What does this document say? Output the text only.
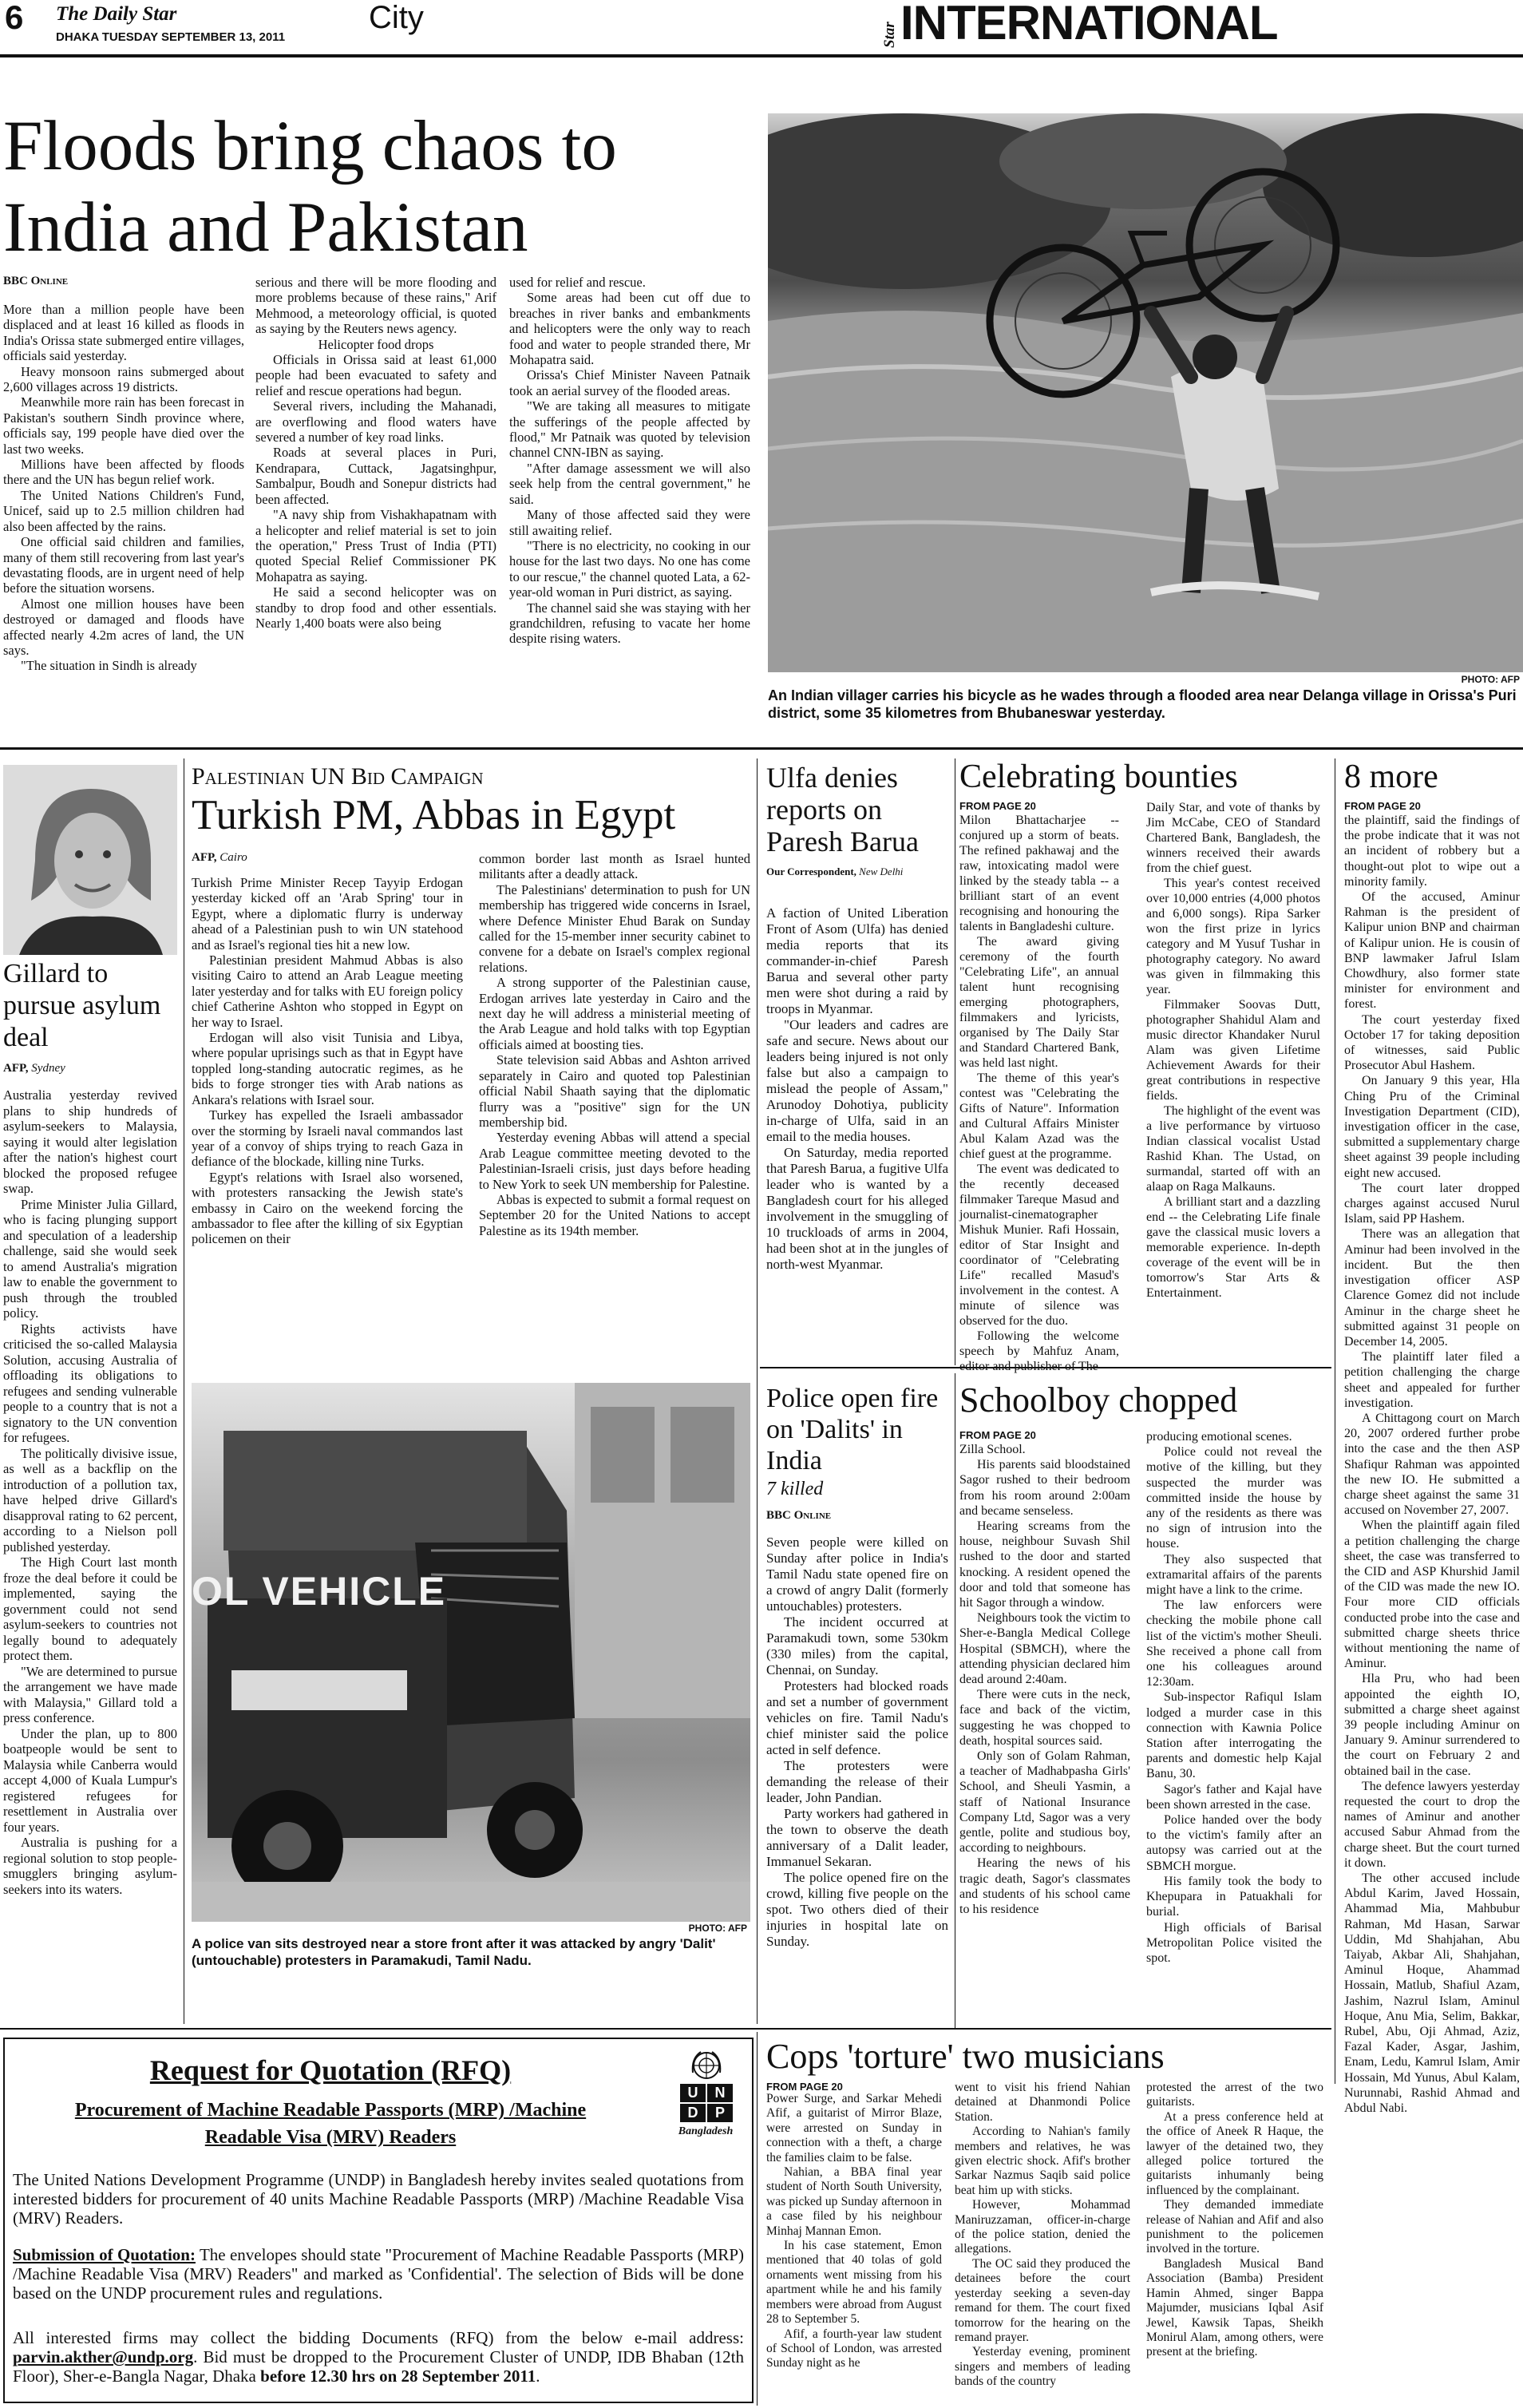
6 The Daily Star
DHAKA TUESDAY SEPTEMBER 13, 2011
City	Star INTERNATIONAL
Floods bring chaos to
India and Pakistan
BBC Online

More than a million people have been displaced and at least 16 killed as floods in India's Orissa state submerged entire villages, officials said yesterday.

Heavy monsoon rains submerged about 2,600 villages across 19 districts.

Meanwhile more rain has been forecast in Pakistan's southern Sindh province where, officials say, 199 people have died over the last two weeks.

Millions have been affected by floods there and the UN has begun relief work.

The United Nations Children's Fund, Unicef, said up to 2.5 million children had also been affected by the rains.

One official said children and families, many of them still recovering from last year's devastating floods, are in urgent need of help before the situation worsens.

Almost one million houses have been destroyed or damaged and floods have affected nearly 4.2m acres of land, the UN says.

"The situation in Sindh is already

serious and there will be more flooding and more problems because of these rains," Arif Mehmood, a meteorology official, is quoted as saying by the Reuters news agency.

Helicopter food drops

Officials in Orissa said at least 61,000 people had been evacuated to safety and relief and rescue operations had begun.

Several rivers, including the Mahanadi, are overflowing and flood waters have severed a number of key road links.

Roads at several places in Puri, Kendrapara, Cuttack, Jagatsinghpur, Sambalpur, Boudh and Sonepur districts had been affected.

"A navy ship from Vishakhapatnam with a helicopter and relief material is set to join the operation," Press Trust of India (PTI) quoted Special Relief Commissioner PK Mohapatra as saying.

He said a second helicopter was on standby to drop food and other essentials. Nearly 1,400 boats were also being

used for relief and rescue.

Some areas had been cut off due to breaches in river banks and embankments and helicopters were the only way to reach food and water to people stranded there, Mr Mohapatra said.

Orissa's Chief Minister Naveen Patnaik took an aerial survey of the flooded areas.

"We are taking all measures to mitigate the sufferings of the people affected by flood," Mr Patnaik was quoted by television channel CNN-IBN as saying.

"After damage assessment we will also seek help from the central government," he said.

Many of those affected said they were still awaiting relief.

"There is no electricity, no cooking in our house for the last two days. No one has come to our rescue," the channel quoted Lata, a 62-year-old woman in Puri district, as saying.

The channel said she was staying with her grandchildren, refusing to vacate her home despite rising waters.

PHOTO: AFP
An Indian villager carries his bicycle as he wades through a flooded area near Delanga village in Orissa's Puri district, some 35 kilometres from Bhubaneswar yesterday.
Gillard to pursue asylum deal
AFP, Sydney

Australia yesterday revived plans to ship hundreds of asylum-seekers to Malaysia, saying it would alter legislation after the nation's highest court blocked the proposed refugee swap.

Prime Minister Julia Gillard, who is facing plunging support and speculation of a leadership challenge, said she would seek to amend Australia's migration law to enable the government to push through the troubled policy.

Rights activists have criticised the so-called Malaysia Solution, accusing Australia of offloading its obligations to refugees and sending vulnerable people to a country that is not a signatory to the UN convention for refugees.

The politically divisive issue, as well as a backflip on the introduction of a pollution tax, have helped drive Gillard's disapproval rating to 62 percent, according to a Nielson poll published yesterday.

The High Court last month froze the deal before it could be implemented, saying the government could not send asylum-seekers to countries not legally bound to adequately protect them.

"We are determined to pursue the arrangement we have made with Malaysia," Gillard told a press conference.

Under the plan, up to 800 boatpeople would be sent to Malaysia while Canberra would accept 4,000 of Kuala Lumpur's registered refugees for resettlement in Australia over four years.

Australia is pushing for a regional solution to stop people-smugglers bringing asylum-seekers into its waters.

Palestinian UN Bid Campaign
Turkish PM, Abbas in Egypt
AFP, Cairo

Turkish Prime Minister Recep Tayyip Erdogan yesterday kicked off an 'Arab Spring' tour in Egypt, where a diplomatic flurry is underway ahead of a Palestinian push to win UN statehood and as Israel's regional ties hit a new low.

Palestinian president Mahmud Abbas is also visiting Cairo to attend an Arab League meeting later yesterday and for talks with EU foreign policy chief Catherine Ashton who stopped in Egypt on her way to Israel.

Erdogan will also visit Tunisia and Libya, where popular uprisings such as that in Egypt have toppled long-standing autocratic regimes, as he bids to forge stronger ties with Arab nations as Ankara's relations with Israel sour.

Turkey has expelled the Israeli ambassador over the storming by Israeli naval commandos last year of a convoy of ships trying to reach Gaza in defiance of the blockade, killing nine Turks.

Egypt's relations with Israel also worsened, with protesters ransacking the Jewish state's embassy in Cairo on the weekend forcing the ambassador to flee after the killing of six Egyptian policemen on their

common border last month as Israel hunted militants after a deadly attack.

The Palestinians' determination to push for UN membership has triggered wide concerns in Israel, where Defence Minister Ehud Barak on Sunday called for the 15-member inner security cabinet to convene for a debate on Israel's complex regional relations.

A strong supporter of the Palestinian cause, Erdogan arrives late yesterday in Cairo and the next day he will address a ministerial meeting of the Arab League and hold talks with top Egyptian officials aimed at boosting ties.

State television said Abbas and Ashton arrived separately in Cairo and quoted top Palestinian official Nabil Shaath saying that the diplomatic flurry was a "positive" sign for the UN membership bid.

Yesterday evening Abbas will attend a special Arab League committee meeting devoted to the Palestinian-Israeli crisis, just days before heading to New York to seek UN membership for Palestine.

Abbas is expected to submit a formal request on September 20 for the United Nations to accept Palestine as its 194th member.

OL VEHICLE
PHOTO: AFP
A police van sits destroyed near a store front after it was attacked by angry 'Dalit' (untouchable) protesters in Paramakudi, Tamil Nadu.
Ulfa denies reports on Paresh Barua
Our Correspondent, New Delhi

A faction of United Liberation Front of Asom (Ulfa) has denied media reports that its commander-in-chief Paresh Barua and several other party men were shot during a raid by troops in Myanmar.

"Our leaders and cadres are safe and secure. News about our leaders being injured is not only false but also a campaign to mislead the people of Assam," Arunodoy Dohotiya, publicity in-charge of Ulfa, said in an email to the media houses.

On Saturday, media reported that Paresh Barua, a fugitive Ulfa leader who is wanted by a Bangladesh court for his alleged involvement in the smuggling of 10 truckloads of arms in 2004, had been shot at in the jungles of north-west Myanmar.

Celebrating bounties
FROM PAGE 20

Milon Bhattacharjee -- conjured up a storm of beats. The refined pakhawaj and the raw, intoxicating madol were linked by the steady tabla -- a brilliant start of an event recognising and honouring the talents in Bangladeshi culture.

The award giving ceremony of the fourth "Celebrating Life", an annual talent hunt recognising emerging photographers, filmmakers and lyricists, organised by The Daily Star and Standard Chartered Bank, was held last night.

The theme of this year's contest was "Celebrating the Gifts of Nature". Information and Cultural Affairs Minister Abul Kalam Azad was the chief guest at the programme.

The event was dedicated to the recently deceased filmmaker Tareque Masud and journalist-cinematographer Mishuk Munier. Rafi Hossain, editor of Star Insight and coordinator of "Celebrating Life" recalled Masud's involvement in the contest. A minute of silence was observed for the duo.

Following the welcome speech by Mahfuz Anam,

Daily Star, and vote of thanks by Jim McCabe, CEO of Standard Chartered Bank, Bangladesh, the winners received their awards from the chief guest.

This year's contest received over 10,000 entries (4,000 photos and 6,000 songs). Ripa Sarker won the first prize in lyrics category and M Yusuf Tushar in photography category. No award was given in filmmaking this year.

Filmmaker Soovas Dutt, photographer Shahidul Alam and music director Khandaker Nurul Alam was given Lifetime Achievement Awards for their great contributions in respective fields.

The highlight of the event was a live performance by virtuoso Indian classical vocalist Ustad Rashid Khan. The Ustad, on surmandal, started off with an alaap on Raga Malkauns.

A brilliant start and a dazzling end -- the Celebrating Life finale gave the classical music lovers a memorable experience. In-depth coverage of the event will be in tomorrow's Star Arts & Entertainment.

8 more
FROM PAGE 20

the plaintiff, said the findings of the probe indicate that it was not an incident of robbery but a thought-out plot to wipe out a minority family.

Of the accused, Aminur Rahman is the president of Kalipur union BNP and chairman of Kalipur union. He is cousin of BNP lawmaker Jafrul Islam Chowdhury, also former state minister for environment and forest.

The court yesterday fixed October 17 for taking deposition of witnesses, said Public Prosecutor Abul Hashem.

On January 9 this year, Hla Ching Pru of the Criminal Investigation Department (CID), investigation officer in the case, submitted a supplementary charge sheet against 39 people including eight new accused.

The court later dropped charges against accused Nurul Islam, said PP Hashem.

There was an allegation that Aminur had been involved in the incident. But the then investigation officer ASP Clarence Gomez did not include Aminur in the charge sheet he submitted against 31 people on December 14, 2005.

The plaintiff later filed a petition challenging the charge sheet and appealed for further investigation.

A Chittagong court on March 20, 2007 ordered further probe into the case and the then ASP Shafiqur Rahman was appointed the new IO. He submitted a charge sheet against the same 31 accused on November 27, 2007.

When the plaintiff again filed a petition challenging the charge sheet, the case was transferred to the CID and ASP Khurshid Jamil of the CID was made the new IO. Four more CID officials conducted probe into the case and submitted charge sheets thrice without mentioning the name of Aminur.

Hla Pru, who had been appointed the eighth IO, submitted a charge sheet against 39 people including Aminur on January 9. Aminur surrendered to the court on February 2 and obtained bail in the case.

The defence lawyers yesterday requested the court to drop the names of Aminur and another accused Sabur Ahmad from the charge sheet. But the court turned it down.

The other accused include Abdul Karim, Javed Hossain, Ahammad Mia, Mahbubur Rahman, Md Hasan, Sarwar Uddin, Md Shahjahan, Abu Taiyab, Akbar Ali, Shahjahan, Aminul Hoque, Ahammad Hossain, Matlub, Shafiul Azam, Jashim, Nazrul Islam, Aminul Hoque, Anu Mia, Selim, Bakkar, Rubel, Abu, Oji Ahmad, Aziz, Fazal Kader, Asgar, Jashim, Enam, Ledu, Kamrul Islam, Amir Hossain, Md Yunus, Abul Kalam, Nurunnabi, Rashid Ahmad and Abdul Nabi.

Police open fire on 'Dalits' in India
7 killed
BBC Online

Seven people were killed on Sunday after police in India's Tamil Nadu state opened fire on a crowd of angry Dalit (formerly untouchables) protesters.

The incident occurred at Paramakudi town, some 530km (330 miles) from the capital, Chennai, on Sunday.

Protesters had blocked roads and set a number of government vehicles on fire. Tamil Nadu's chief minister said the police acted in self defence.

The protesters were demanding the release of their leader, John Pandian.

Party workers had gathered in the town to observe the death anniversary of a Dalit leader, Immanuel Sekaran.

The police opened fire on the crowd, killing five people on the spot. Two others died of their injuries in hospital late on Sunday.

Schoolboy chopped
FROM PAGE 20

Zilla School.

His parents said bloodstained Sagor rushed to their bedroom from his room around 2:00am and became senseless.

Hearing screams from the house, neighbour Suvash Shil rushed to the door and started knocking. A resident opened the door and told that someone has hit Sagor through a window.

Neighbours took the victim to Sher-e-Bangla Medical College Hospital (SBMCH), where the attending physician declared him dead around 2:40am.

There were cuts in the neck, face and back of the victim, suggesting he was chopped to death, hospital sources said.

Only son of Golam Rahman, a teacher of Madhabpasha Girls' School, and Sheuli Yasmin, a staff of National Insurance Company Ltd, Sagor was a very gentle, polite and studious boy, according to neighbours.

Hearing the news of his tragic death, Sagor's classmates and students of his school came to his residence

producing emotional scenes.

Police could not reveal the motive of the killing, but they suspected the murder was committed inside the house by any of the residents as there was no sign of intrusion into the house.

They also suspected that extramarital affairs of the parents might have a link to the crime.

The law enforcers were checking the mobile phone call list of the victim's mother Sheuli. She received a phone call from one his colleagues around 12:30am.

Sub-inspector Rafiqul Islam lodged a murder case in this connection with Kawnia Police Station after interrogating the parents and domestic help Kajal Banu, 30.

Sagor's father and Kajal have been shown arrested in the case.

Police handed over the body to the victim's family after an autopsy was carried out at the SBMCH morgue.

His family took the body to Khepupara in Patuakhali for burial.

High officials of Barisal Metropolitan Police visited the spot.

Request for Quotation (RFQ)
Procurement of Machine Readable Passports (MRP) /Machine
Readable Visa (MRV) Readers
U	N
D	P
Bangladesh
The United Nations Development Programme (UNDP) in Bangladesh hereby invites sealed quotations from interested bidders for procurement of 40 units Machine Readable Passports (MRP) /Machine Readable Visa (MRV) Readers.
Submission of Quotation: The envelopes should state "Procurement of Machine Readable Passports (MRP) /Machine Readable Visa (MRV) Readers" and marked as 'Confidential'. The selection of Bids will be done based on the UNDP procurement rules and regulations.
All interested firms may collect the bidding Documents (RFQ) from the below e-mail address: parvin.akther@undp.org. Bid must be dropped to the Procurement Cluster of UNDP, IDB Bhaban (12th Floor), Sher-e-Bangla Nagar, Dhaka before 12.30 hrs on 28 September 2011.
Cops 'torture' two musicians
FROM PAGE 20

Power Surge, and Sarkar Mehedi Afif, a guitarist of Mirror Blaze, were arrested on Sunday in connection with a theft, a charge the families claim to be false.

Nahian, a BBA final year student of North South University, was picked up Sunday afternoon in a case filed by his neighbour Minhaj Mannan Emon.

In his case statement, Emon mentioned that 40 tolas of gold ornaments went missing from his apartment while he and his family members were abroad from August 28 to September 5.

Afif, a fourth-year law student of School of London, was arrested Sunday night as he

went to visit his friend Nahian detained at Dhanmondi Police Station.

According to Nahian's family members and relatives, he was given electric shock. Afif's brother Sarkar Nazmus Saqib said police beat him up with sticks.

However, Mohammad Maniruzzaman, officer-in-charge of the police station, denied the allegations.

The OC said they produced the detainees before the court yesterday seeking a seven-day remand for them. The court fixed tomorrow for the hearing on the remand prayer.

Yesterday evening, prominent singers and members of leading bands of the country

protested the arrest of the two guitarists.

At a press conference held at the office of Aneek R Haque, the lawyer of the detained two, they alleged police tortured the guitarists inhumanly being influenced by the complainant.

They demanded immediate release of Nahian and Afif and also punishment to the policemen involved in the torture.

Bangladesh Musical Band Association (Bamba) President Hamin Ahmed, singer Bappa Majumder, musicians Iqbal Asif Jewel, Kawsik Tapas, Sheikh Monirul Alam, among others, were present at the briefing.
